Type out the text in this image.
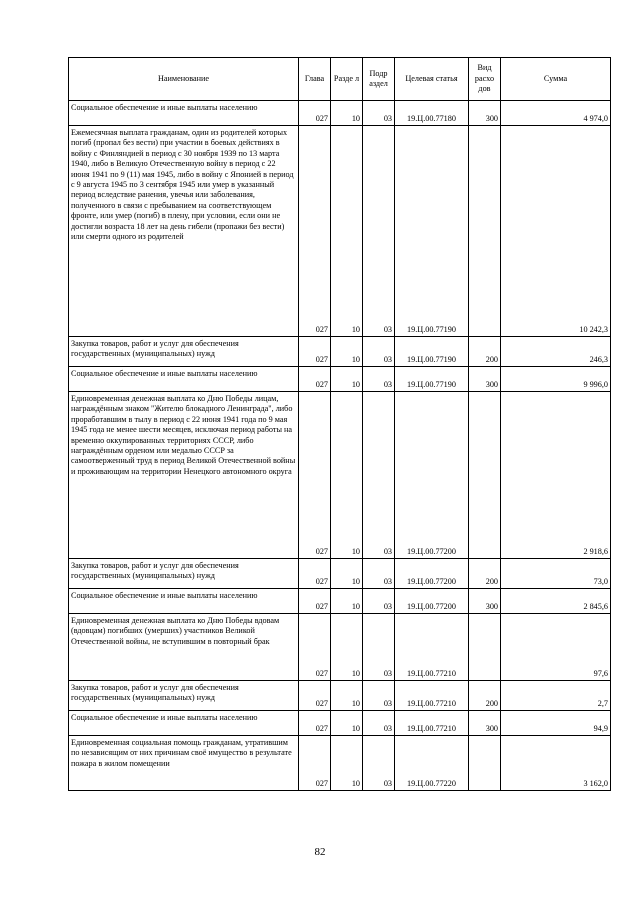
Наименование	Глава	Разде л	Подр аздел	Целевая статья	Вид расхо дов	Сумма
Социальное обеспечение и иные выплаты населению	027	10	03	19.Ц.00.77180	300	4 974,0
Ежемесячная выплата гражданам, один из родителей которых погиб (пропал без вести) при участии в боевых действиях в войну с Финляндией в период с 30 ноября 1939 по 13 марта 1940, либо в Великую Отечественную войну в период с 22 июня 1941 по 9 (11) мая 1945, либо в войну с Японией в период с 9 августа 1945 по 3 сентября 1945 или умер в указанный период вследствие ранения, увечья или заболевания, полученного в связи с пребыванием на соответствующем фронте, или умер (погиб) в плену, при условии, если они не достигли возраста 18 лет на день гибели (пропажи без вести) или смерти одного из родителей	027	10	03	19.Ц.00.77190		10 242,3
Закупка товаров, работ и услуг для обеспечения государственных (муниципальных) нужд	027	10	03	19.Ц.00.77190	200	246,3
Социальное обеспечение и иные выплаты населению	027	10	03	19.Ц.00.77190	300	9 996,0
Единовременная денежная выплата ко Дню Победы лицам, награждённым знаком "Жителю блокадного Ленинграда", либо проработавшим в тылу в период с 22 июня 1941 года по 9 мая 1945 года не менее шести месяцев, исключая период работы на временно оккупированных территориях СССР, либо награждённым орденом или медалью СССР за самоотверженный труд в период Великой Отечественной войны и проживающим на территории Ненецкого автономного округа	027	10	03	19.Ц.00.77200		2 918,6
Закупка товаров, работ и услуг для обеспечения государственных (муниципальных) нужд	027	10	03	19.Ц.00.77200	200	73,0
Социальное обеспечение и иные выплаты населению	027	10	03	19.Ц.00.77200	300	2 845,6
Единовременная денежная выплата ко Дню Победы вдовам (вдовцам) погибших (умерших) участников Великой Отечественной войны, не вступившим в повторный брак	027	10	03	19.Ц.00.77210		97,6
Закупка товаров, работ и услуг для обеспечения государственных (муниципальных) нужд	027	10	03	19.Ц.00.77210	200	2,7
Социальное обеспечение и иные выплаты населению	027	10	03	19.Ц.00.77210	300	94,9
Единовременная социальная помощь гражданам, утратившим по независящим от них причинам своё имущество в результате пожара в жилом помещении	027	10	03	19.Ц.00.77220		3 162,0
82
